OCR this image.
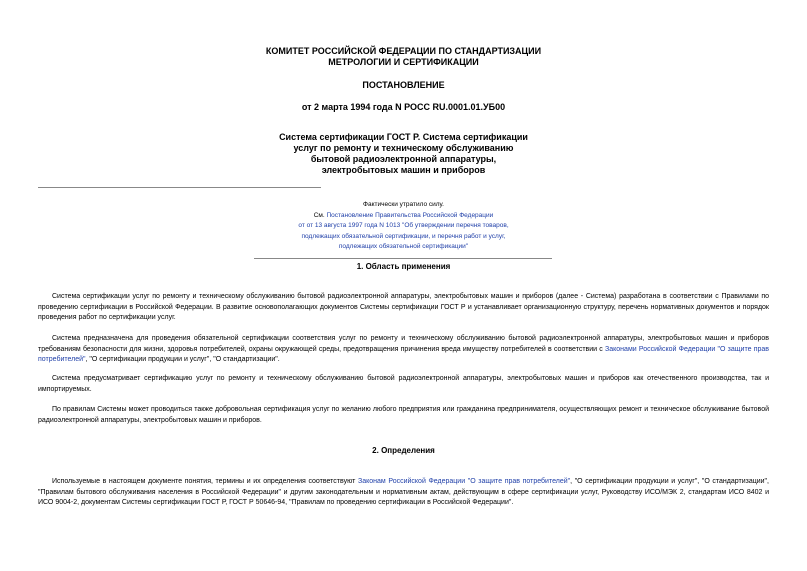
КОМИТЕТ РОССИЙСКОЙ ФЕДЕРАЦИИ ПО СТАНДАРТИЗАЦИИ
МЕТРОЛОГИИ И СЕРТИФИКАЦИИ
ПОСТАНОВЛЕНИЕ
от 2 марта 1994 года N РОСС RU.0001.01.УБ00
Система сертификации ГОСТ Р. Система сертификации
услуг по ремонту и техническому обслуживанию
бытовой радиоэлектронной аппаратуры,
электробытовых машин и приборов
Фактически утратило силу.
См. Постановление Правительства Российской Федерации
от от 13 августа 1997 года N 1013 "Об утверждении перечня товаров,
подлежащих обязательной сертификации, и перечня работ и услуг,
подлежащих обязательной сертификации"
1. Область применения
Система сертификации услуг по ремонту и техническому обслуживанию бытовой радиоэлектронной аппаратуры, электробытовых машин и приборов (далее - Система) разработана в соответствии с Правилами по проведению сертификации в Российской Федерации. В развитие основополагающих документов Системы сертификации ГОСТ Р и устанавливает организационную структуру, перечень нормативных документов и порядок проведения работ по сертификации услуг.
Система предназначена для проведения обязательной сертификации соответствия услуг по ремонту и техническому обслуживанию бытовой радиоэлектронной аппаратуры, электробытовых машин и приборов требованиям безопасности для жизни, здоровья потребителей, охраны окружающей среды, предотвращения причинения вреда имуществу потребителей в соответствии с Законами Российской Федерации "О защите прав потребителей", "О сертификации продукции и услуг", "О стандартизации".
Система предусматривает сертификацию услуг по ремонту и техническому обслуживанию бытовой радиоэлектронной аппаратуры, электробытовых машин и приборов как отечественного производства, так и импортируемых.
По правилам Системы может проводиться также добровольная сертификация услуг по желанию любого предприятия или гражданина предпринимателя, осуществляющих ремонт и техническое обслуживание бытовой радиоэлектронной аппаратуры, электробытовых машин и приборов.
2. Определения
Используемые в настоящем документе понятия, термины и их определения соответствуют Законам Российской Федерации "О защите прав потребителей", "О сертификации продукции и услуг", "О стандартизации", "Правилам бытового обслуживания населения в Российской Федерации" и другим законодательным и нормативным актам, действующим в сфере сертификации услуг, Руководству ИСО/МЭК 2, стандартам ИСО 8402 и ИСО 9004-2, документам Системы сертификации ГОСТ Р, ГОСТ Р 50646-94, "Правилам по проведению сертификации в Российской Федерации".
